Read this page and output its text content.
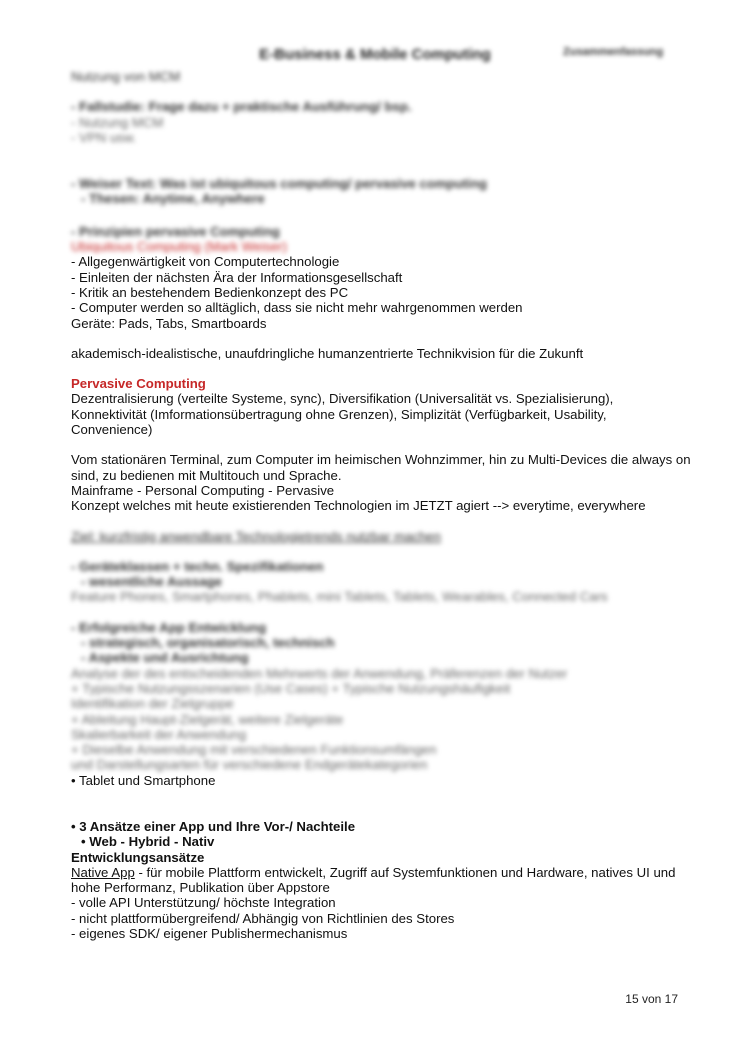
E-Business & Mobile Computing	Zusammenfassung
Nutzung von MCM
- Fallstudie: Frage dazu + praktische Ausführung/ bsp.
- Nutzung MCM
- VPN usw.
- Weiser Text: Was ist ubiquitous computing/ pervasive computing
- Thesen: Anytime, Anywhere
- Prinzipien pervasive Computing
Ubiquitous Computing (Mark Weiser)
- Allgegenwärtigkeit von Computertechnologie
- Einleiten der nächsten Ära der Informationsgesellschaft
- Kritik an bestehendem Bedienkonzept des PC
- Computer werden so alltäglich, dass sie nicht mehr wahrgenommen werden
Geräte: Pads, Tabs, Smartboards
akademisch-idealistische, unaufdringliche humanzentrierte Technikvision für die Zukunft
Pervasive Computing
Dezentralisierung (verteilte Systeme, sync), Diversifikation (Universalität vs. Spezialisierung), Konnektivität (Imformationsübertragung ohne Grenzen), Simplizität (Verfügbarkeit, Usability, Convenience)
Vom stationären Terminal, zum Computer im heimischen Wohnzimmer, hin zu Multi-Devices die always on sind, zu bedienen mit Multitouch und Sprache.
Mainframe - Personal Computing - Pervasive
Konzept welches mit heute existierenden Technologien im JETZT agiert --> everytime, everywhere
Ziel: kurzfristig anwendbare Technologietrends nutzbar machen
- Geräteklassen + techn. Spezifikationen
- wesentliche Aussage
Feature Phones, Smartphones, Phablets, mini Tablets, Tablets, Wearables, Connected Cars
- Erfolgreiche App Entwicklung
- strategisch, organisatorisch, technisch
- Aspekte und Ausrichtung
Analyse der des entscheidenden Mehrwerts der Anwendung, Präferenzen der Nutzer
+ Typische Nutzungsszenarien (Use Cases) + Typische Nutzungshäufigkeit
Identifikation der Zielgruppe
+ Ableitung Haupt-Zielgerät, weitere Zielgeräte
Skalierbarkeit der Anwendung
+ Dieselbe Anwendung mit verschiedenen Funktionsumfängen
und Darstellungsarten für verschiedene Endgerätekategorien
• Tablet und Smartphone
• 3 Ansätze einer App und Ihre Vor-/ Nachteile
• Web - Hybrid - Nativ
Entwicklungsansätze
Native App - für mobile Plattform entwickelt, Zugriff auf Systemfunktionen und Hardware, natives UI und hohe Performanz, Publikation über Appstore
- volle API Unterstützung/ höchste Integration
- nicht plattformübergreifend/ Abhängig von Richtlinien des Stores
- eigenes SDK/ eigener Publishermechanismus
15 von 17
